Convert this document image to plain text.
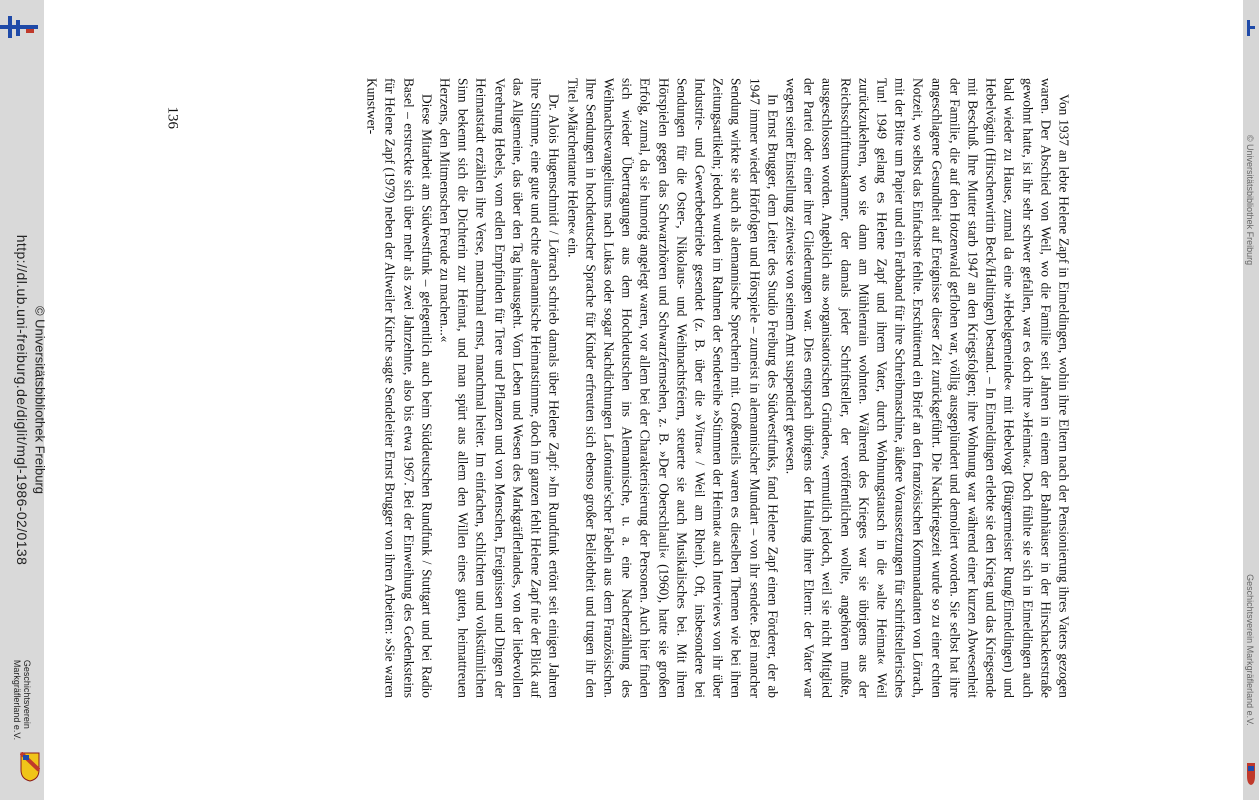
http://dl.ub.uni-freiburg.de/diglit/mgl-1986-02/0138 © Universitätsbibliothek Freiburg
Geschichtsverein
Markgräflerland e.V.
© Universitätsbibliothek Freiburg
Geschichtsverein Markgräflerland e.V.
136	Von 1937 an lebte Helene Zapf in Eimeldingen, wohin ihre Eltern nach der Pensionierung ihres Vaters gezogen waren. Der Abschied von Weil, wo die Familie seit Jahren in einem der Bahnhäuser in der Hirschackerstraße gewohnt hatte, ist ihr sehr schwer gefallen, war es doch ihre »Heimat«. Doch fühlte sie sich in Eimeldingen auch bald wieder zu Hause, zumal da eine »Hebelgemeinde« mit Hebelvogt (Bürgermeister Rung/Eimeldingen) und Hebelvögtin (Hirschenwirtin Beck/Haltingen) bestand. – In Eimeldingen erlebte sie den Krieg und das Kriegsende mit Beschuß. Ihre Mutter starb 1947 an den Kriegsfolgen; ihre Wohnung war während einer kurzen Abwesenheit der Familie, die auf den Hotzenwald geflohen war, völlig ausgeplündert und demoliert worden. Sie selbst hat ihre angeschlagene Gesundheit auf Ereignisse dieser Zeit zurückgeführt. Die Nachkriegszeit wurde so zu einer echten Notzeit, wo selbst das Einfachste fehlte. Erschütternd ein Brief an den französischen Kommandanten von Lörrach, mit der Bitte um Papier und ein Farbband für ihre Schreibmaschine, äußere Voraussetzungen für schriftstellerisches Tun! 1949 gelang es Helene Zapf und ihrem Vater, durch Wohnungstausch in die »alte Heimat« Weil zurückzukehren, wo sie dann am Mühlenrain wohnten. Während des Krieges war sie übrigens aus der Reichsschrifttumskammer, der damals jeder Schriftsteller, der veröffentlichen wollte, angehören mußte, ausgeschlossen worden. Angeblich aus »organisatorischen Gründen«, vermutlich jedoch, weil sie nicht Mitglied der Partei oder einer ihrer Gliederungen war. Dies entsprach übrigens der Haltung ihrer Eltern: der Vater war wegen seiner Einstellung zeitweise von seinem Amt suspendiert gewesen.

In Ernst Brugger, dem Leiter des Studio Freiburg des Südwestfunks, fand Helene Zapf einen Förderer, der ab 1947 immer wieder Hörfolgen und Hörspiele – zumeist in alemannischer Mundart – von ihr sendete. Bei mancher Sendung wirkte sie auch als alemannische Sprecherin mit. Großenteils waren es dieselben Themen wie bei ihren Zeitungsartikeln; jedoch wurden im Rahmen der Sendereihe »Stimmen der Heimat« auch Interviews von ihr über Industrie- und Gewerbebetriebe gesendet (z. B. über die »Vitra« / Weil am Rhein). Oft, insbesondere bei Sendungen für die Oster-, Nikolaus- und Weihnachtsfeiern, steuerte sie auch Musikalisches bei. Mit ihren Hörspielen gegen das Schwarzhören und Schwarzfernsehen, z. B. »Der Oberschlauli« (1960), hatte sie großen Erfolg, zumal, da sie humorig angelegt waren, vor allem bei der Charakterisierung der Personen. Auch hier finden sich wieder Übertragungen aus dem Hochdeutschen ins Alemannische, u. a. eine Nacherzählung des Weihnachtsevangeliums nach Lukas oder sogar Nachdichtungen Lafontaine'scher Fabeln aus dem Französischen. Ihre Sendungen in hochdeutscher Sprache für Kinder erfreuten sich ebenso großer Beliebtheit und trugen ihr den Titel »Märchentante Helene« ein.

Dr. Alois Hugenschmidt / Lörrach schrieb damals über Helene Zapf: »Im Rundfunk ertönt seit einigen Jahren ihre Stimme, eine gute und echte alemannische Heimatstimme, doch im ganzen fehlt Helene Zapf nie der Blick auf das Allgemeine, das über den Tag hinausgeht. Vom Leben und Wesen des Markgräflerlandes, von der liebevollen Verehrung Hebels, vom edlen Empfinden für Tiere und Pflanzen und von Menschen, Ereignissen und Dingen der Heimatstadt erzählen ihre Verse, manchmal ernst, manchmal heiter. Im einfachen, schlichten und volkstümlichen Sinn bekennt sich die Dichterin zur Heimat, und man spürt aus allem den Willen eines guten, heimattreuen Herzens, den Mitmenschen Freude zu machen...«

Diese Mitarbeit am Südwestfunk – gelegentlich auch beim Süddeutschen Rundfunk / Stuttgart und bei Radio Basel – erstreckte sich über mehr als zwei Jahrzehnte, also bis etwa 1967. Bei der Einweihung des Gedenksteins für Helene Zapf (1979) neben der Altweiler Kirche sagte Sendeleiter Ernst Brugger von ihren Arbeiten: »Sie waren Kunstwer-
